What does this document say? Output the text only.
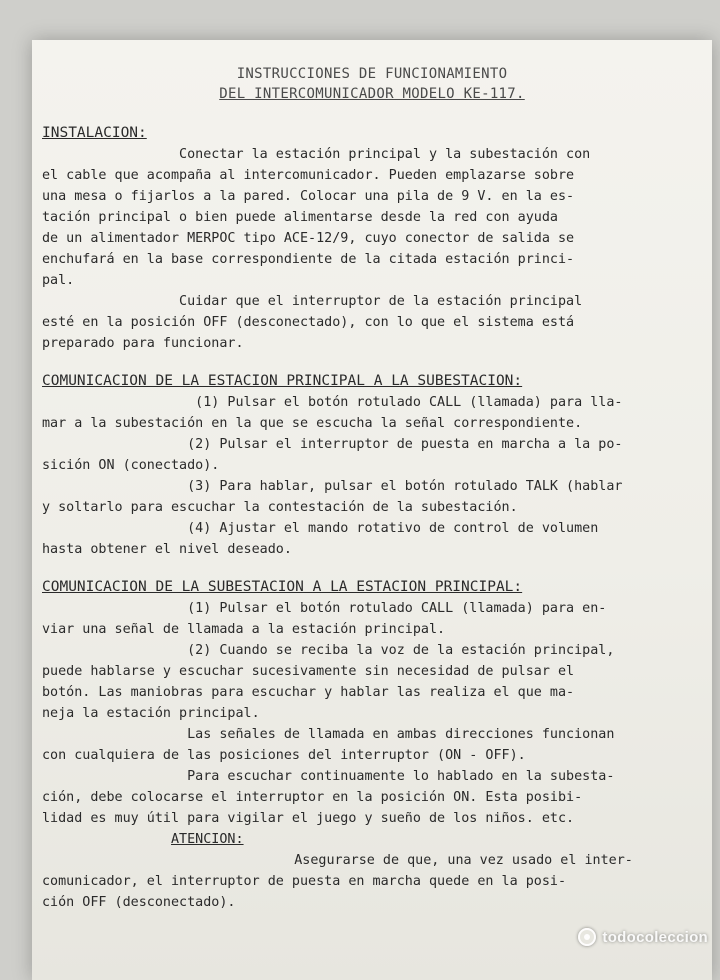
INSTRUCCIONES DE FUNCIONAMIENTO
DEL INTERCOMUNICADOR MODELO KE-117.
INSTALACION:

Conectar la estación principal y la subestación con
el cable que acompaña al intercomunicador. Pueden emplazarse sobre
una mesa o fijarlos a la pared. Colocar una pila de 9 V. en la es-
tación principal o bien puede alimentarse desde la red con ayuda
de un alimentador MERPOC tipo ACE-12/9, cuyo conector de salida se
enchufará en la base correspondiente de la citada estación princi-
pal.

Cuidar que el interruptor de la estación principal
esté en la posición OFF (desconectado), con lo que el sistema está
preparado para funcionar.

COMUNICACION DE LA ESTACION PRINCIPAL A LA SUBESTACION:

(1) Pulsar el botón rotulado CALL (llamada) para lla-
mar a la subestación en la que se escucha la señal correspondiente.

(2) Pulsar el interruptor de puesta en marcha a la po-
sición ON (conectado).

(3) Para hablar, pulsar el botón rotulado TALK (hablar
y soltarlo para escuchar la contestación de la subestación.

(4) Ajustar el mando rotativo de control de volumen
hasta obtener el nivel deseado.

COMUNICACION DE LA SUBESTACION A LA ESTACION PRINCIPAL:

(1) Pulsar el botón rotulado CALL (llamada) para en-
viar una señal de llamada a la estación principal.

(2) Cuando se reciba la voz de la estación principal,
puede hablarse y escuchar sucesivamente sin necesidad de pulsar el
botón. Las maniobras para escuchar y hablar las realiza el que ma-
neja la estación principal.

Las señales de llamada en ambas direcciones funcionan
con cualquiera de las posiciones del interruptor (ON - OFF).

Para escuchar continuamente lo hablado en la subesta-
ción, debe colocarse el interruptor en la posición ON. Esta posibi-
lidad es muy útil para vigilar el juego y sueño de los niños. etc.

ATENCION:

Asegurarse de que, una vez usado el inter-

comunicador, el interruptor de puesta en marcha quede en la posi-
ción OFF (desconectado).

todocoleccion
